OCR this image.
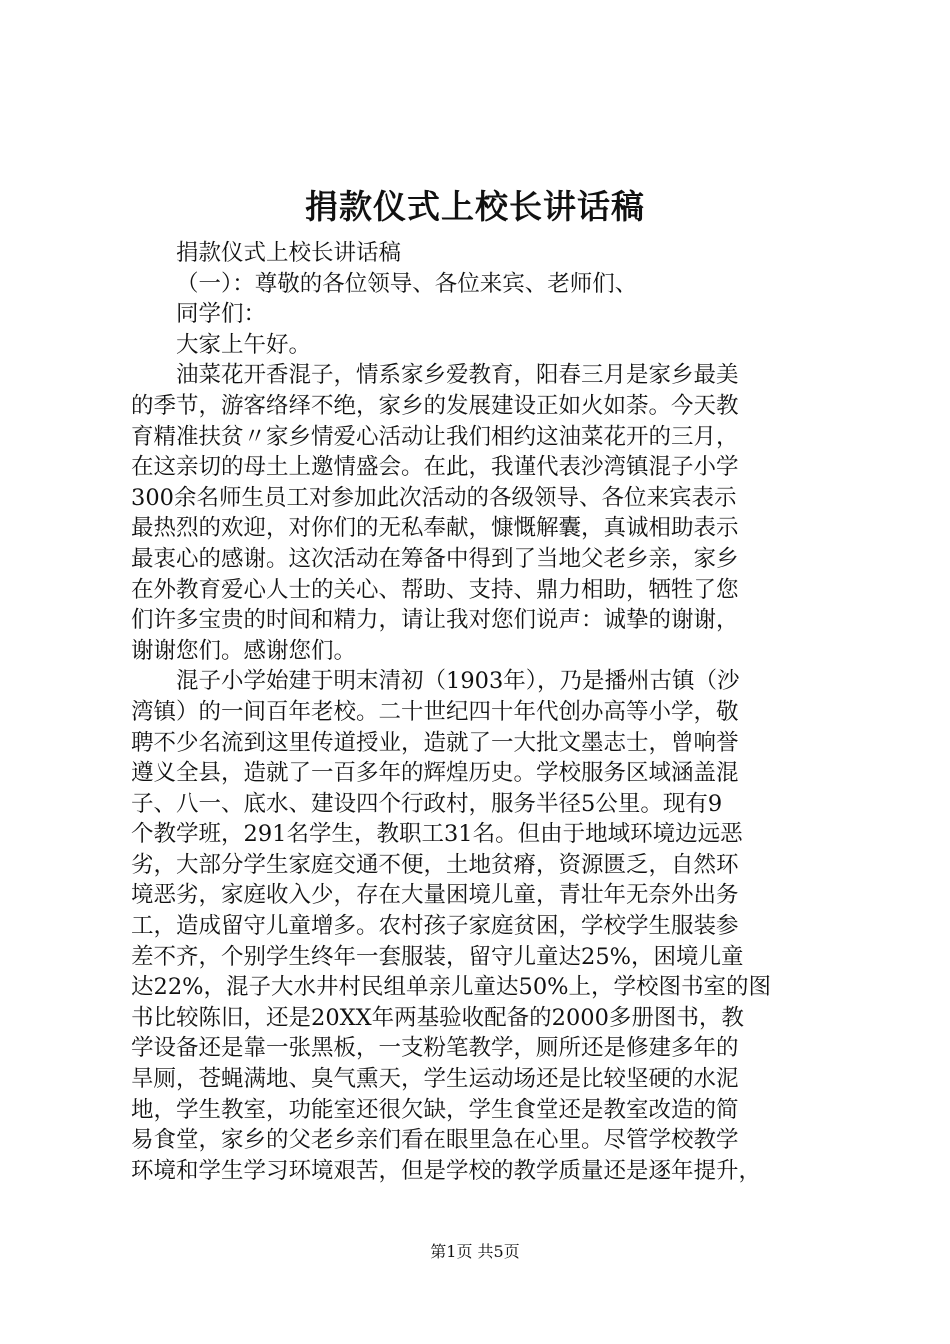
捐款仪式上校长讲话稿

捐款仪式上校长讲话稿

（一）：尊敬的各位领导、各位来宾、老师们、

同学们：

大家上午好。

油菜花开香混子，情系家乡爱教育，阳春三月是家乡最美
的季节，游客络绎不绝，家乡的发展建设正如火如荼。今天教
育精准扶贫〃家乡情爱心活动让我们相约这油菜花开的三月，
在这亲切的母土上邀情盛会。在此，我谨代表沙湾镇混子小学
300余名师生员工对参加此次活动的各级领导、各位来宾表示
最热烈的欢迎，对你们的无私奉献，慷慨解囊，真诚相助表示
最衷心的感谢。这次活动在筹备中得到了当地父老乡亲，家乡
在外教育爱心人士的关心、帮助、支持、鼎力相助，牺牲了您
们许多宝贵的时间和精力，请让我对您们说声：诚挚的谢谢，
谢谢您们。感谢您们。

混子小学始建于明末清初（1903年），乃是播州古镇（沙
湾镇）的一间百年老校。二十世纪四十年代创办高等小学，敬
聘不少名流到这里传道授业，造就了一大批文墨志士，曾响誉
遵义全县，造就了一百多年的辉煌历史。学校服务区域涵盖混
子、八一、底水、建设四个行政村，服务半径5公里。现有9
个教学班，291名学生，教职工31名。但由于地域环境边远恶
劣，大部分学生家庭交通不便，土地贫瘠，资源匮乏，自然环
境恶劣，家庭收入少，存在大量困境儿童，青壮年无奈外出务
工，造成留守儿童增多。农村孩子家庭贫困，学校学生服装参
差不齐，个别学生终年一套服装，留守儿童达25%，困境儿童
达22%，混子大水井村民组单亲儿童达50%上，学校图书室的图
书比较陈旧，还是20XX年两基验收配备的2000多册图书，教
学设备还是靠一张黑板，一支粉笔教学，厕所还是修建多年的
旱厕，苍蝇满地、臭气熏天，学生运动场还是比较坚硬的水泥
地，学生教室，功能室还很欠缺，学生食堂还是教室改造的简
易食堂，家乡的父老乡亲们看在眼里急在心里。尽管学校教学
环境和学生学习环境艰苦，但是学校的教学质量还是逐年提升，

第1页 共5页
